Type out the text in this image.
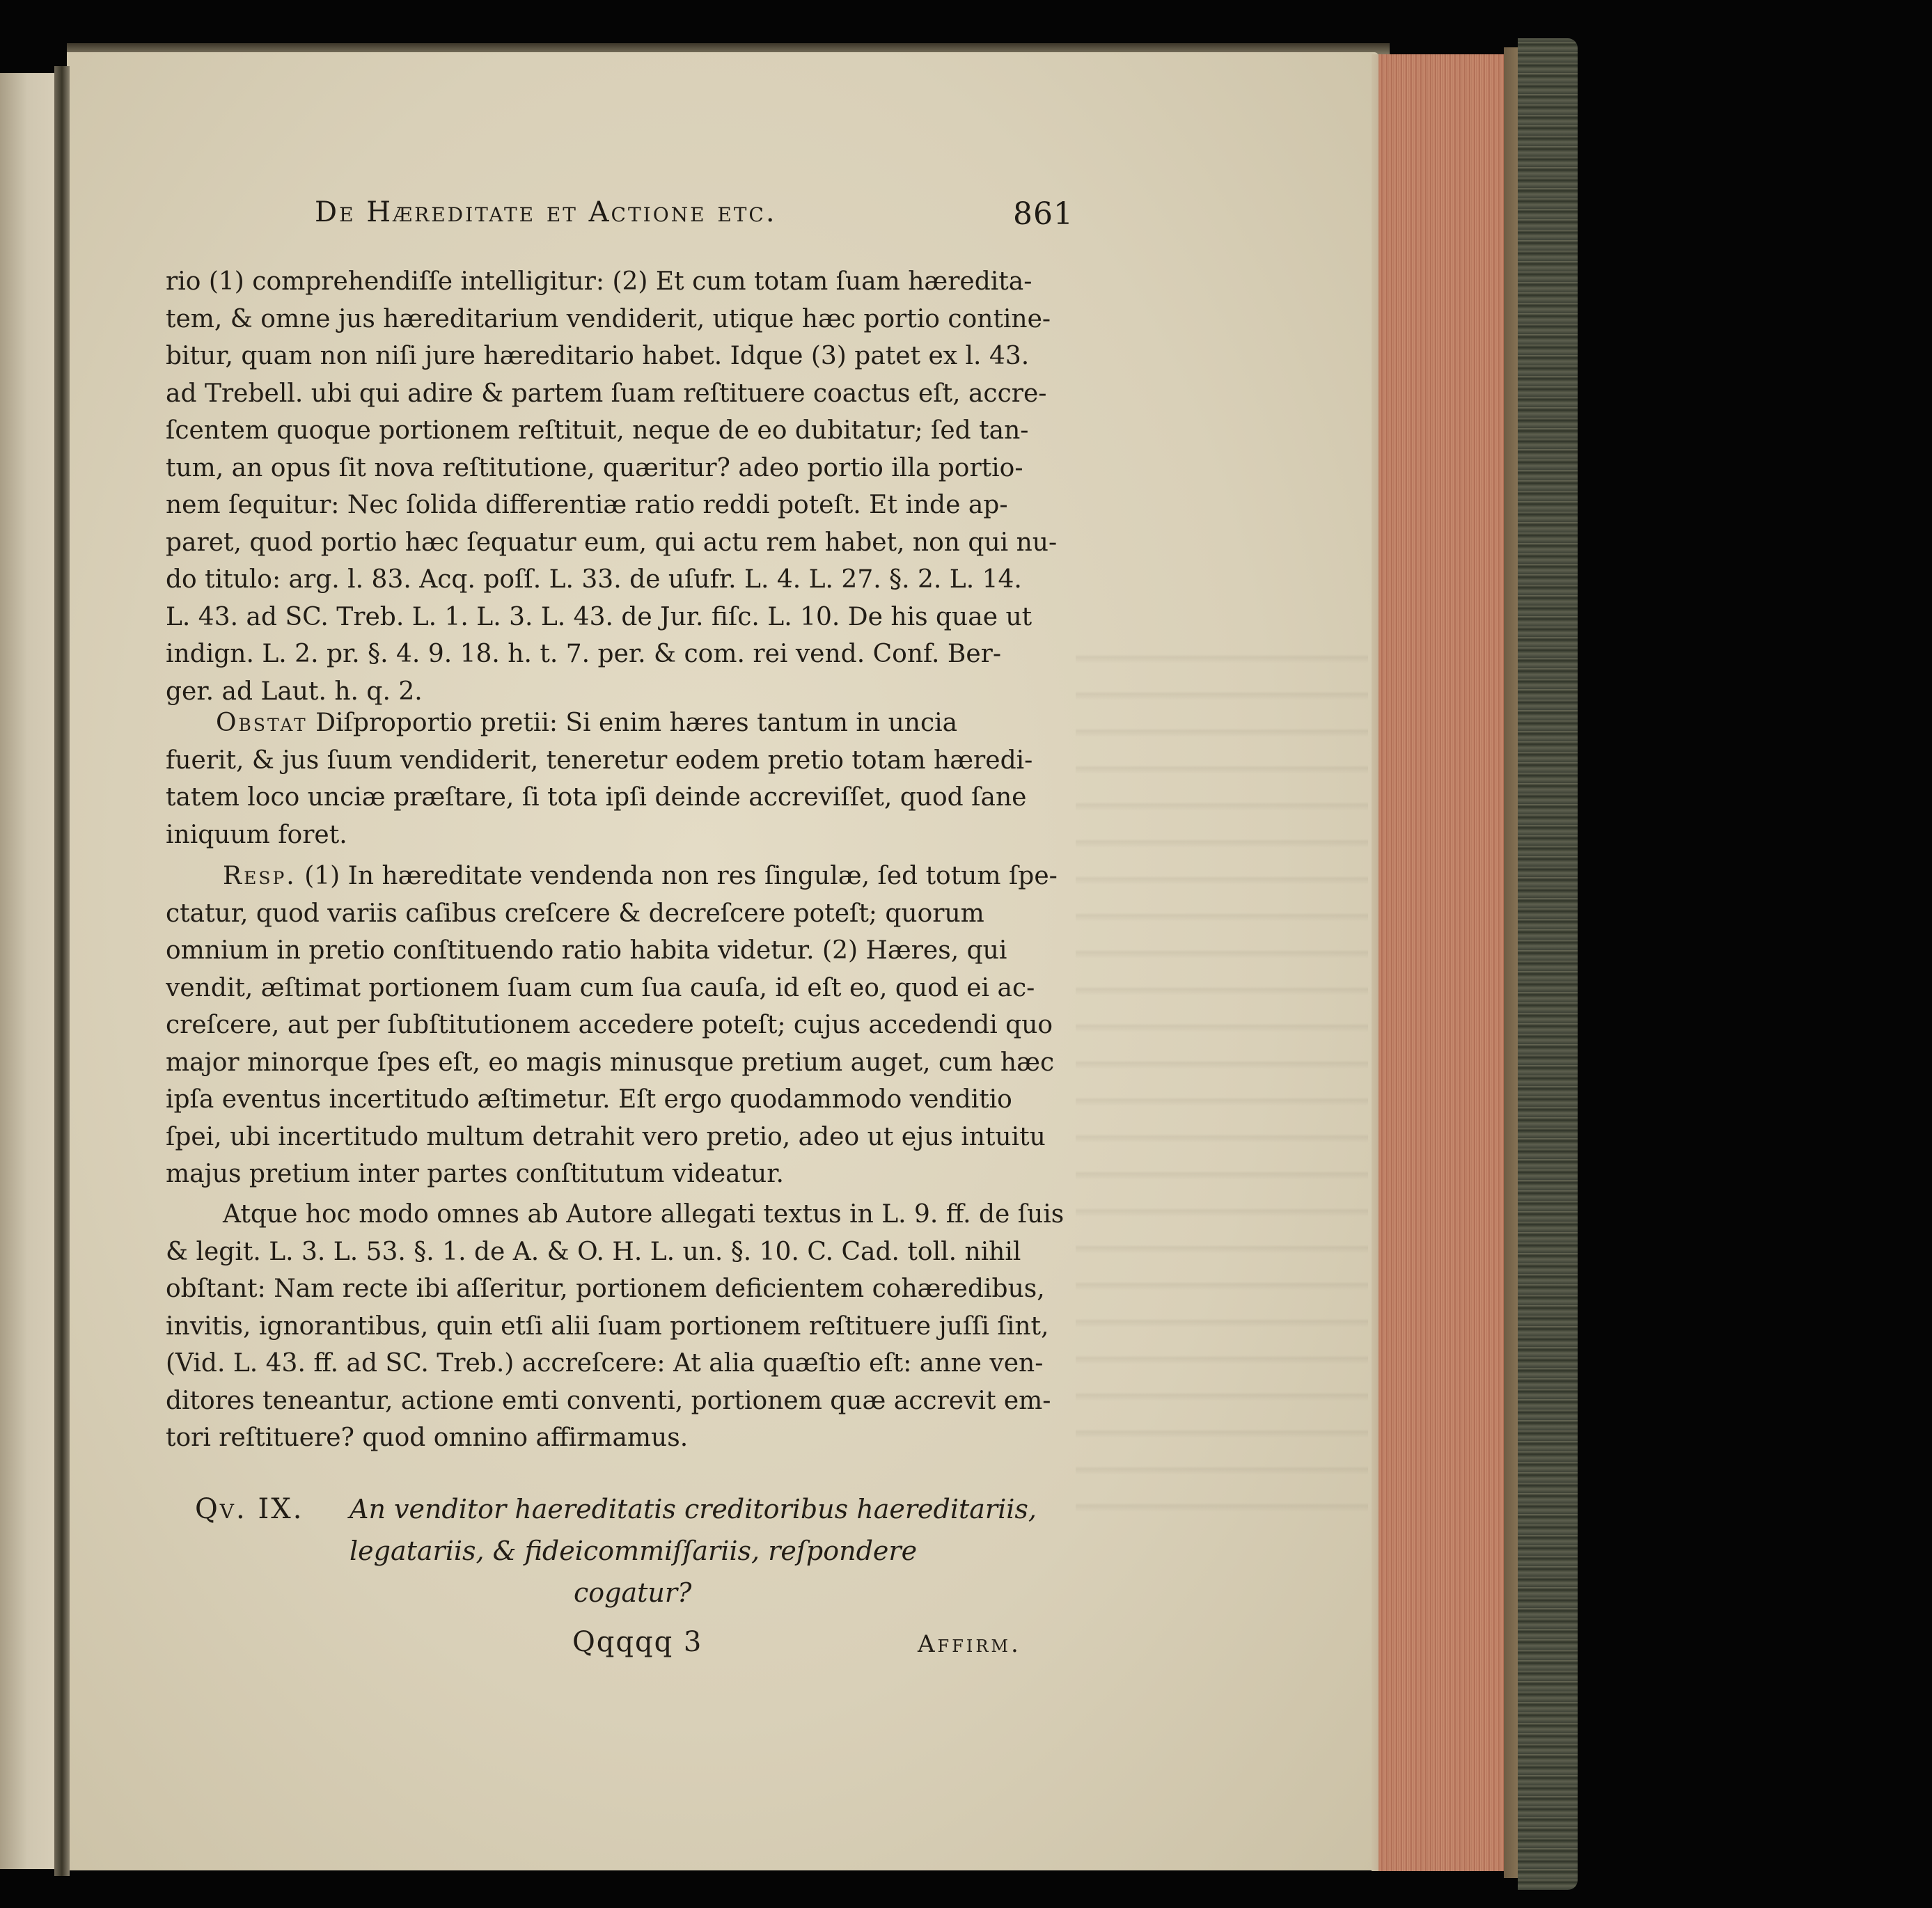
De Hæreditate et Actione etc.	861
rio (1) comprehendiſſe intelligitur: (2) Et cum totam ſuam hæredita-
tem, & omne jus hæreditarium vendiderit, utique hæc portio contine-
bitur, quam non niſi jure hæreditario habet. Idque (3) patet ex l. 43.
ad Trebell. ubi qui adire & partem ſuam reſtituere coactus eſt, accre-
ſcentem quoque portionem reſtituit, neque de eo dubitatur; ſed tan-
tum, an opus ſit nova reſtitutione, quæritur? adeo portio illa portio-
nem ſequitur: Nec ſolida differentiæ ratio reddi poteſt. Et inde ap-
paret, quod portio hæc ſequatur eum, qui actu rem habet, non qui nu-
do titulo: arg. l. 83. Acq. poſſ. L. 33. de uſufr. L. 4. L. 27. §. 2. L. 14.
L. 43. ad SC. Treb. L. 1. L. 3. L. 43. de Jur. fiſc. L. 10. De his quae ut
indign. L. 2. pr. §. 4. 9. 18. h. t. 7. per. & com. rei vend. Conf. Ber-
ger. ad Laut. h. q. 2.
Obstat Diſproportio pretii: Si enim hæres tantum in uncia
fuerit, & jus ſuum vendiderit, teneretur eodem pretio totam hæredi-
tatem loco unciæ præſtare, ſi tota ipſi deinde accreviſſet, quod ſane
iniquum foret.
Resp. (1) In hæreditate vendenda non res ſingulæ, ſed totum ſpe-
ctatur, quod variis caſibus creſcere & decreſcere poteſt; quorum
omnium in pretio conſtituendo ratio habita videtur. (2) Hæres, qui
vendit, æſtimat portionem ſuam cum ſua cauſa, id eſt eo, quod ei ac-
creſcere, aut per ſubſtitutionem accedere poteſt; cujus accedendi quo
major minorque ſpes eſt, eo magis minusque pretium auget, cum hæc
ipſa eventus incertitudo æſtimetur. Eſt ergo quodammodo venditio
ſpei, ubi incertitudo multum detrahit vero pretio, adeo ut ejus intuitu
majus pretium inter partes conſtitutum videatur.
Atque hoc modo omnes ab Autore allegati textus in L. 9. ff. de ſuis
& legit. L. 3. L. 53. §. 1. de A. & O. H. L. un. §. 10. C. Cad. toll. nihil
obſtant: Nam recte ibi aſſeritur, portionem deficientem cohæredibus,
invitis, ignorantibus, quin etſi alii ſuam portionem reſtituere juſſi ſint,
(Vid. L. 43. ff. ad SC. Treb.) accreſcere: At alia quæſtio eſt: anne ven-
ditores teneantur, actione emti conventi, portionem quæ accrevit em-
tori reſtituere? quod omnino affirmamus.
Qv. IX. An venditor haereditatis creditoribus haereditariis,
legatariis, & fideicommiſſariis, reſpondere
cogatur?
Qqqqq 3	Affirm.
